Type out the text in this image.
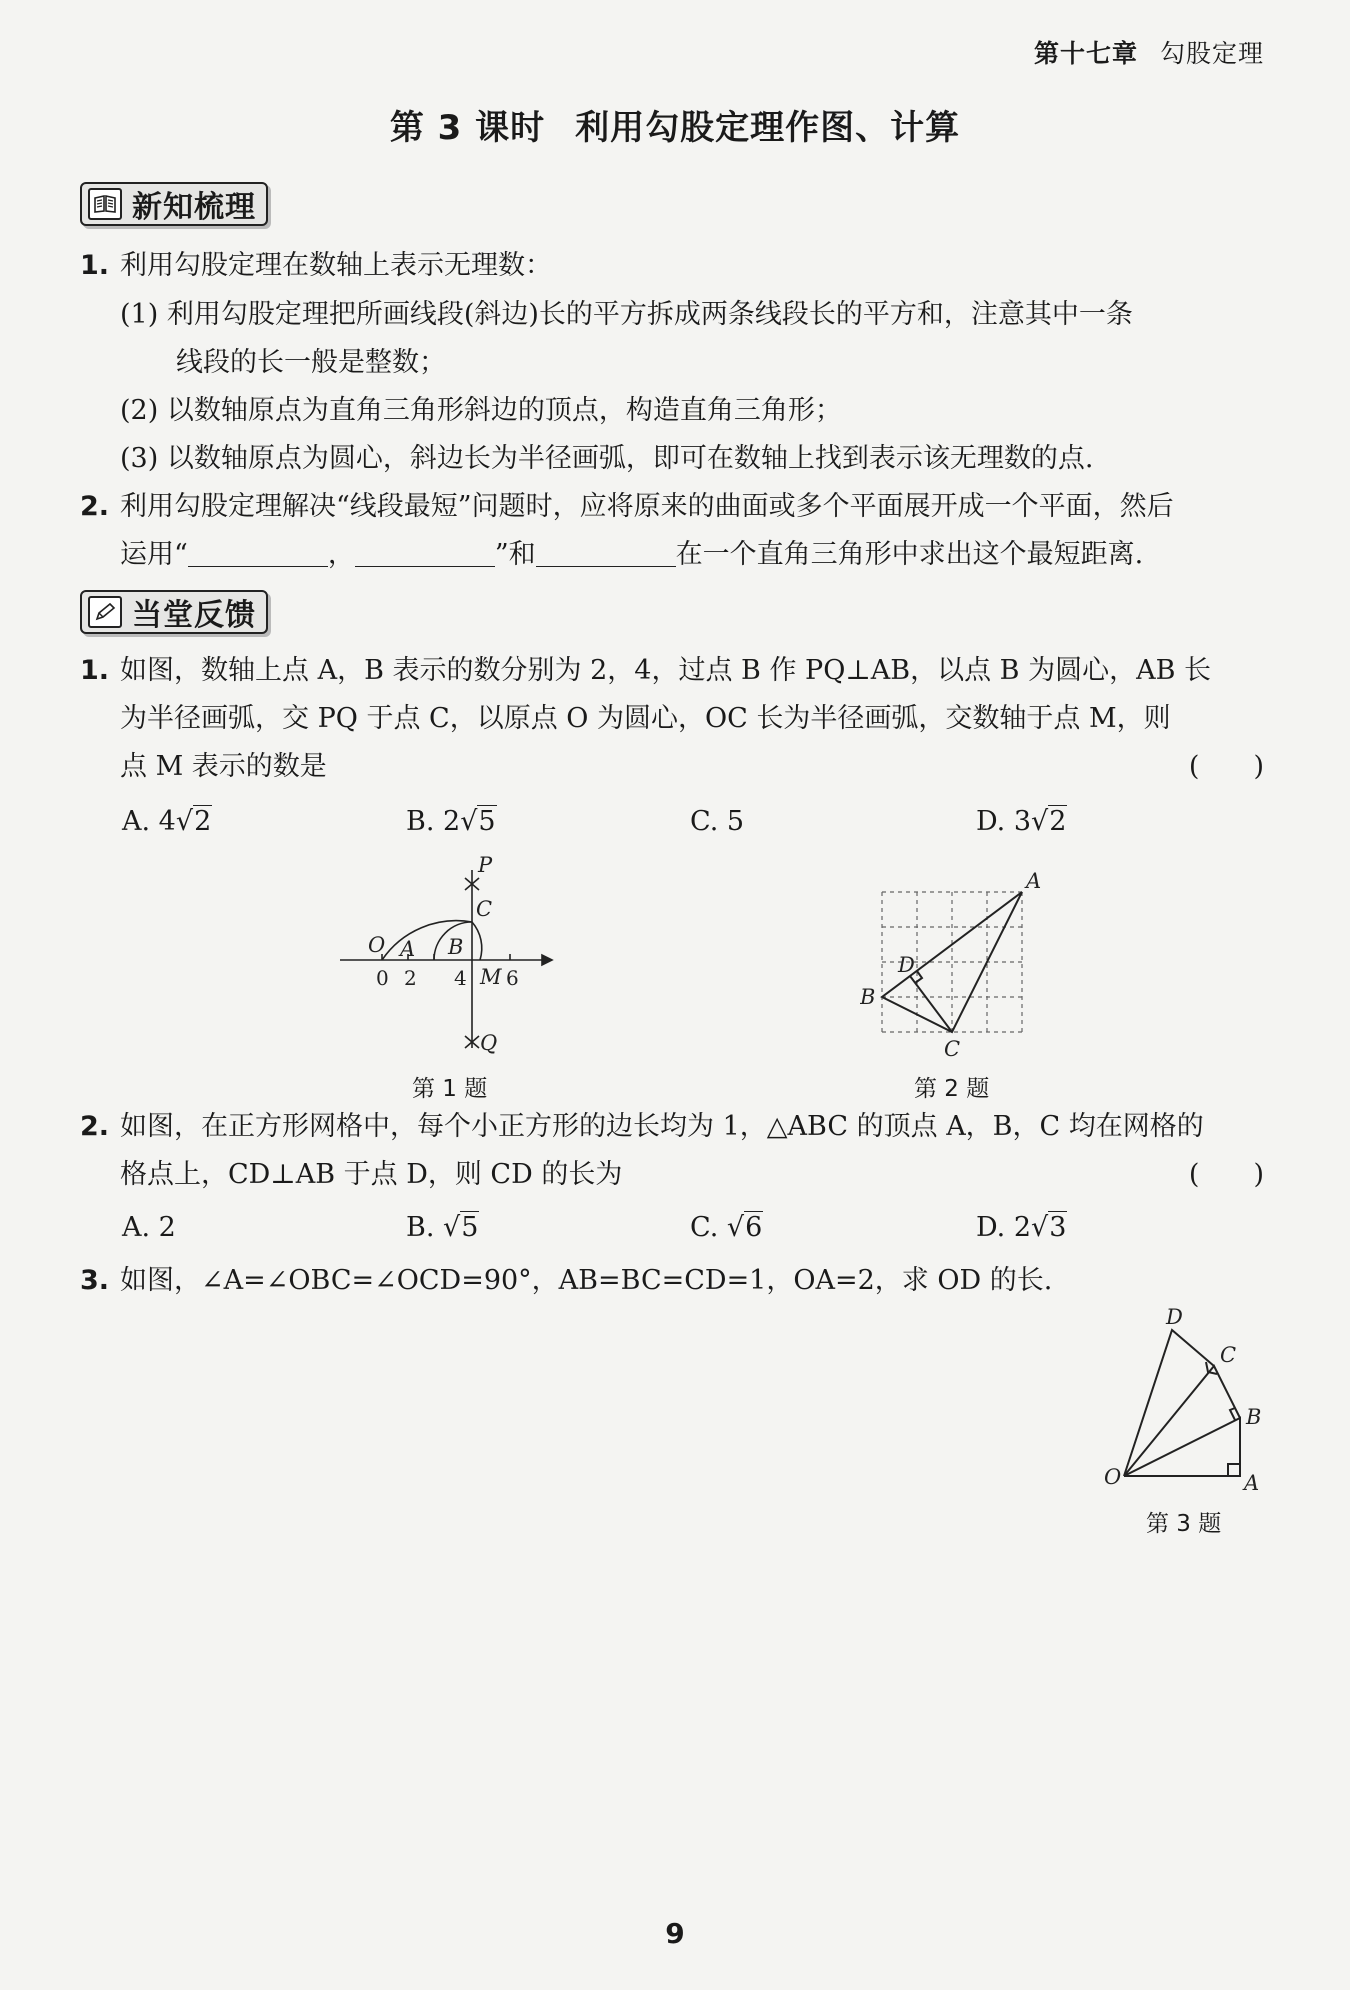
第十七章 勾股定理
第 3 课时 利用勾股定理作图、计算
新知梳理
1. 利用勾股定理在数轴上表示无理数：
(1) 利用勾股定理把所画线段(斜边)长的平方拆成两条线段长的平方和，注意其中一条
线段的长一般是整数；
(2) 以数轴原点为直角三角形斜边的顶点，构造直角三角形；
(3) 以数轴原点为圆心，斜边长为半径画弧，即可在数轴上找到表示该无理数的点.
2. 利用勾股定理解决“线段最短”问题时，应将原来的曲面或多个平面展开成一个平面，然后
运用“	，	”和	在一个直角三角形中求出这个最短距离.
当堂反馈
1. 如图，数轴上点 A，B 表示的数分别为 2，4，过点 B 作 PQ⊥AB，以点 B 为圆心，AB 长
为半径画弧，交 PQ 于点 C，以原点 O 为圆心，OC 长为半径画弧，交数轴于点 M，则
点 M 表示的数是	(　　)
A. 4√2	B. 2√5	C. 5	D. 3√2
P
C
O A B
M
Q
0 2 4 6
第 1 题
A
B
C
D
第 2 题
2. 如图，在正方形网格中，每个小正方形的边长均为 1，△ABC 的顶点 A，B，C 均在网格的
格点上，CD⊥AB 于点 D，则 CD 的长为	(　　)
A. 2	B. √5	C. √6	D. 2√3
3. 如图，∠A=∠OBC=∠OCD=90°，AB=BC=CD=1，OA=2，求 OD 的长.
D
C
B
O	A
第 3 题
9
